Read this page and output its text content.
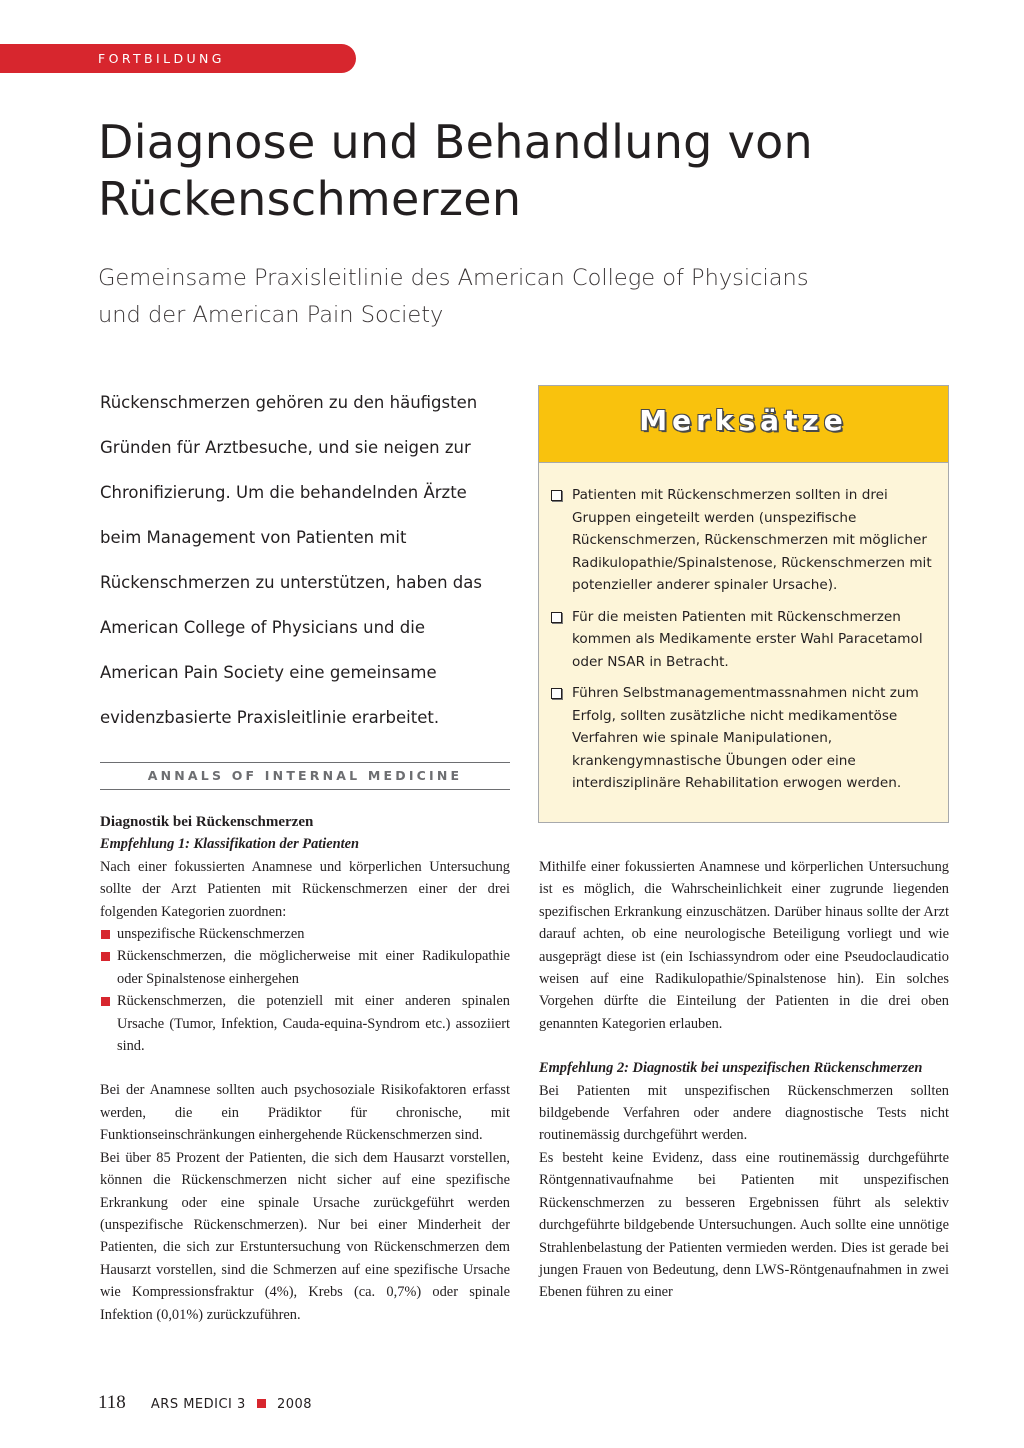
FORTBILDUNG
Diagnose und Behandlung von
Rückenschmerzen
Gemeinsame Praxisleitlinie des American College of Physicians
und der American Pain Society
Rückenschmerzen gehören zu den häufigsten
Gründen für Arztbesuche, und sie neigen zur
Chronifizierung. Um die behandelnden Ärzte
beim Management von Patienten mit
Rückenschmerzen zu unterstützen, haben das
American College of Physicians und die
American Pain Society eine gemeinsame
evidenzbasierte Praxisleitlinie erarbeitet.
ANNALS OF INTERNAL MEDICINE
Merksätze
Patienten mit Rückenschmerzen sollten in drei Gruppen eingeteilt werden (unspezifische Rückenschmerzen, Rückenschmerzen mit möglicher Radikulopathie/Spinalstenose, Rückenschmerzen mit potenzieller anderer spinaler Ursache).
Für die meisten Patienten mit Rückenschmerzen kommen als Medikamente erster Wahl Paracetamol oder NSAR in Betracht.
Führen Selbstmanagementmassnahmen nicht zum Erfolg, sollten zusätzliche nicht medikamentöse Verfahren wie spinale Manipulationen, krankengymnastische Übungen oder eine interdisziplinäre Rehabilitation erwogen werden.

Diagnostik bei Rückenschmerzen

Empfehlung 1: Klassifikation der Patienten

Nach einer fokussierten Anamnese und körperlichen Untersuchung sollte der Arzt Patienten mit Rückenschmerzen einer der drei folgenden Kategorien zuordnen:

unspezifische Rückenschmerzen
Rückenschmerzen, die möglicherweise mit einer Radikulopathie oder Spinalstenose einhergehen
Rückenschmerzen, die potenziell mit einer anderen spinalen Ursache (Tumor, Infektion, Cauda-equina-Syndrom etc.) assoziiert sind.

Bei der Anamnese sollten auch psychosoziale Risikofaktoren erfasst werden, die ein Prädiktor für chronische, mit Funktionseinschränkungen einhergehende Rückenschmerzen sind.

Bei über 85 Prozent der Patienten, die sich dem Hausarzt vorstellen, können die Rückenschmerzen nicht sicher auf eine spezifische Erkrankung oder eine spinale Ursache zurückgeführt werden (unspezifische Rückenschmerzen). Nur bei einer Minderheit der Patienten, die sich zur Erstuntersuchung von Rückenschmerzen dem Hausarzt vorstellen, sind die Schmerzen auf eine spezifische Ursache wie Kompressionsfraktur (4%), Krebs (ca. 0,7%) oder spinale Infektion (0,01%) zurückzuführen.

Mithilfe einer fokussierten Anamnese und körperlichen Untersuchung ist es möglich, die Wahrscheinlichkeit einer zugrunde liegenden spezifischen Erkrankung einzuschätzen. Darüber hinaus sollte der Arzt darauf achten, ob eine neurologische Beteiligung vorliegt und wie ausgeprägt diese ist (ein Ischiassyndrom oder eine Pseudoclaudicatio weisen auf eine Radikulopathie/Spinalstenose hin). Ein solches Vorgehen dürfte die Einteilung der Patienten in die drei oben genannten Kategorien erlauben.

Empfehlung 2: Diagnostik bei unspezifischen Rückenschmerzen

Bei Patienten mit unspezifischen Rückenschmerzen sollten bildgebende Verfahren oder andere diagnostische Tests nicht routinemässig durchgeführt werden.

Es besteht keine Evidenz, dass eine routinemässig durchgeführte Röntgennativaufnahme bei Patienten mit unspezifischen Rückenschmerzen zu besseren Ergebnissen führt als selektiv durchgeführte bildgebende Untersuchungen. Auch sollte eine unnötige Strahlenbelastung der Patienten vermieden werden. Dies ist gerade bei jungen Frauen von Bedeutung, denn LWS-Röntgenaufnahmen in zwei Ebenen führen zu einer

118 ARS MEDICI 3 2008
